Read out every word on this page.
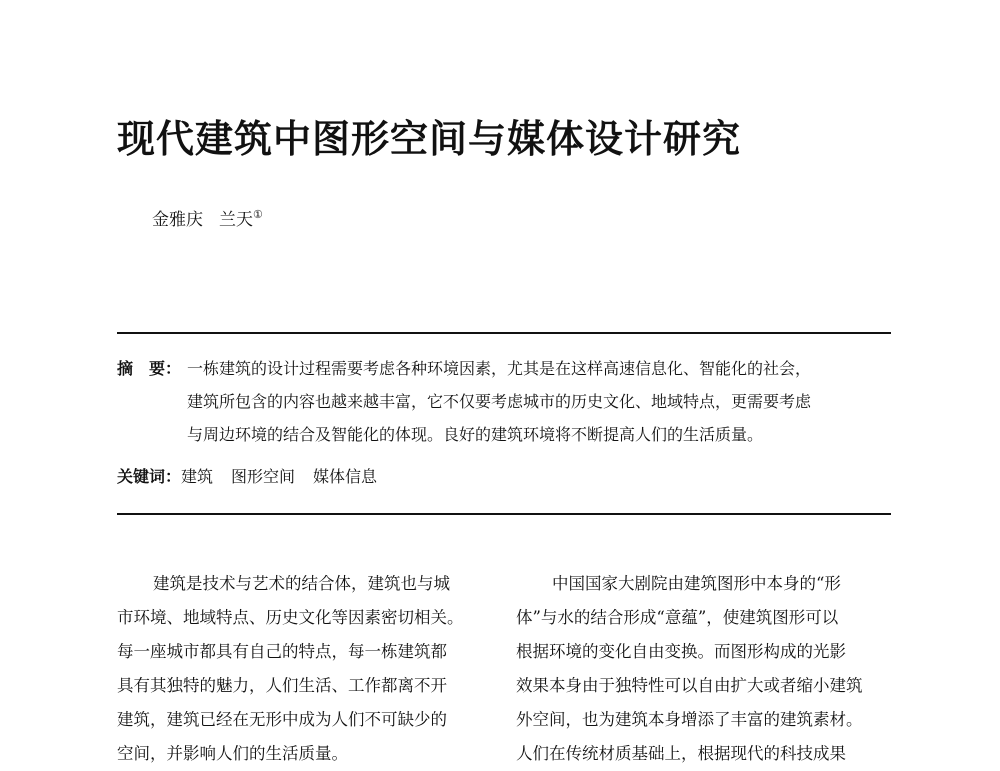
现代建筑中图形空间与媒体设计研究
金雅庆 兰天①
摘　要： 一栋建筑的设计过程需要考虑各种环境因素，尤其是在这样高速信息化、智能化的社会，
建筑所包含的内容也越来越丰富，它不仅要考虑城市的历史文化、地域特点，更需要考虑
与周边环境的结合及智能化的体现。良好的建筑环境将不断提高人们的生活质量。
关键词：建筑 图形空间 媒体信息
建筑是技术与艺术的结合体，建筑也与城
市环境、地域特点、历史文化等因素密切相关。
每一座城市都具有自己的特点，每一栋建筑都
具有其独特的魅力，人们生活、工作都离不开
建筑，建筑已经在无形中成为人们不可缺少的
空间，并影响人们的生活质量。
中国国家大剧院由建筑图形中本身的“形
体”与水的结合形成“意蕴”，使建筑图形可以
根据环境的变化自由变换。而图形构成的光影
效果本身由于独特性可以自由扩大或者缩小建筑
外空间，也为建筑本身增添了丰富的建筑素材。
人们在传统材质基础上，根据现代的科技成果
